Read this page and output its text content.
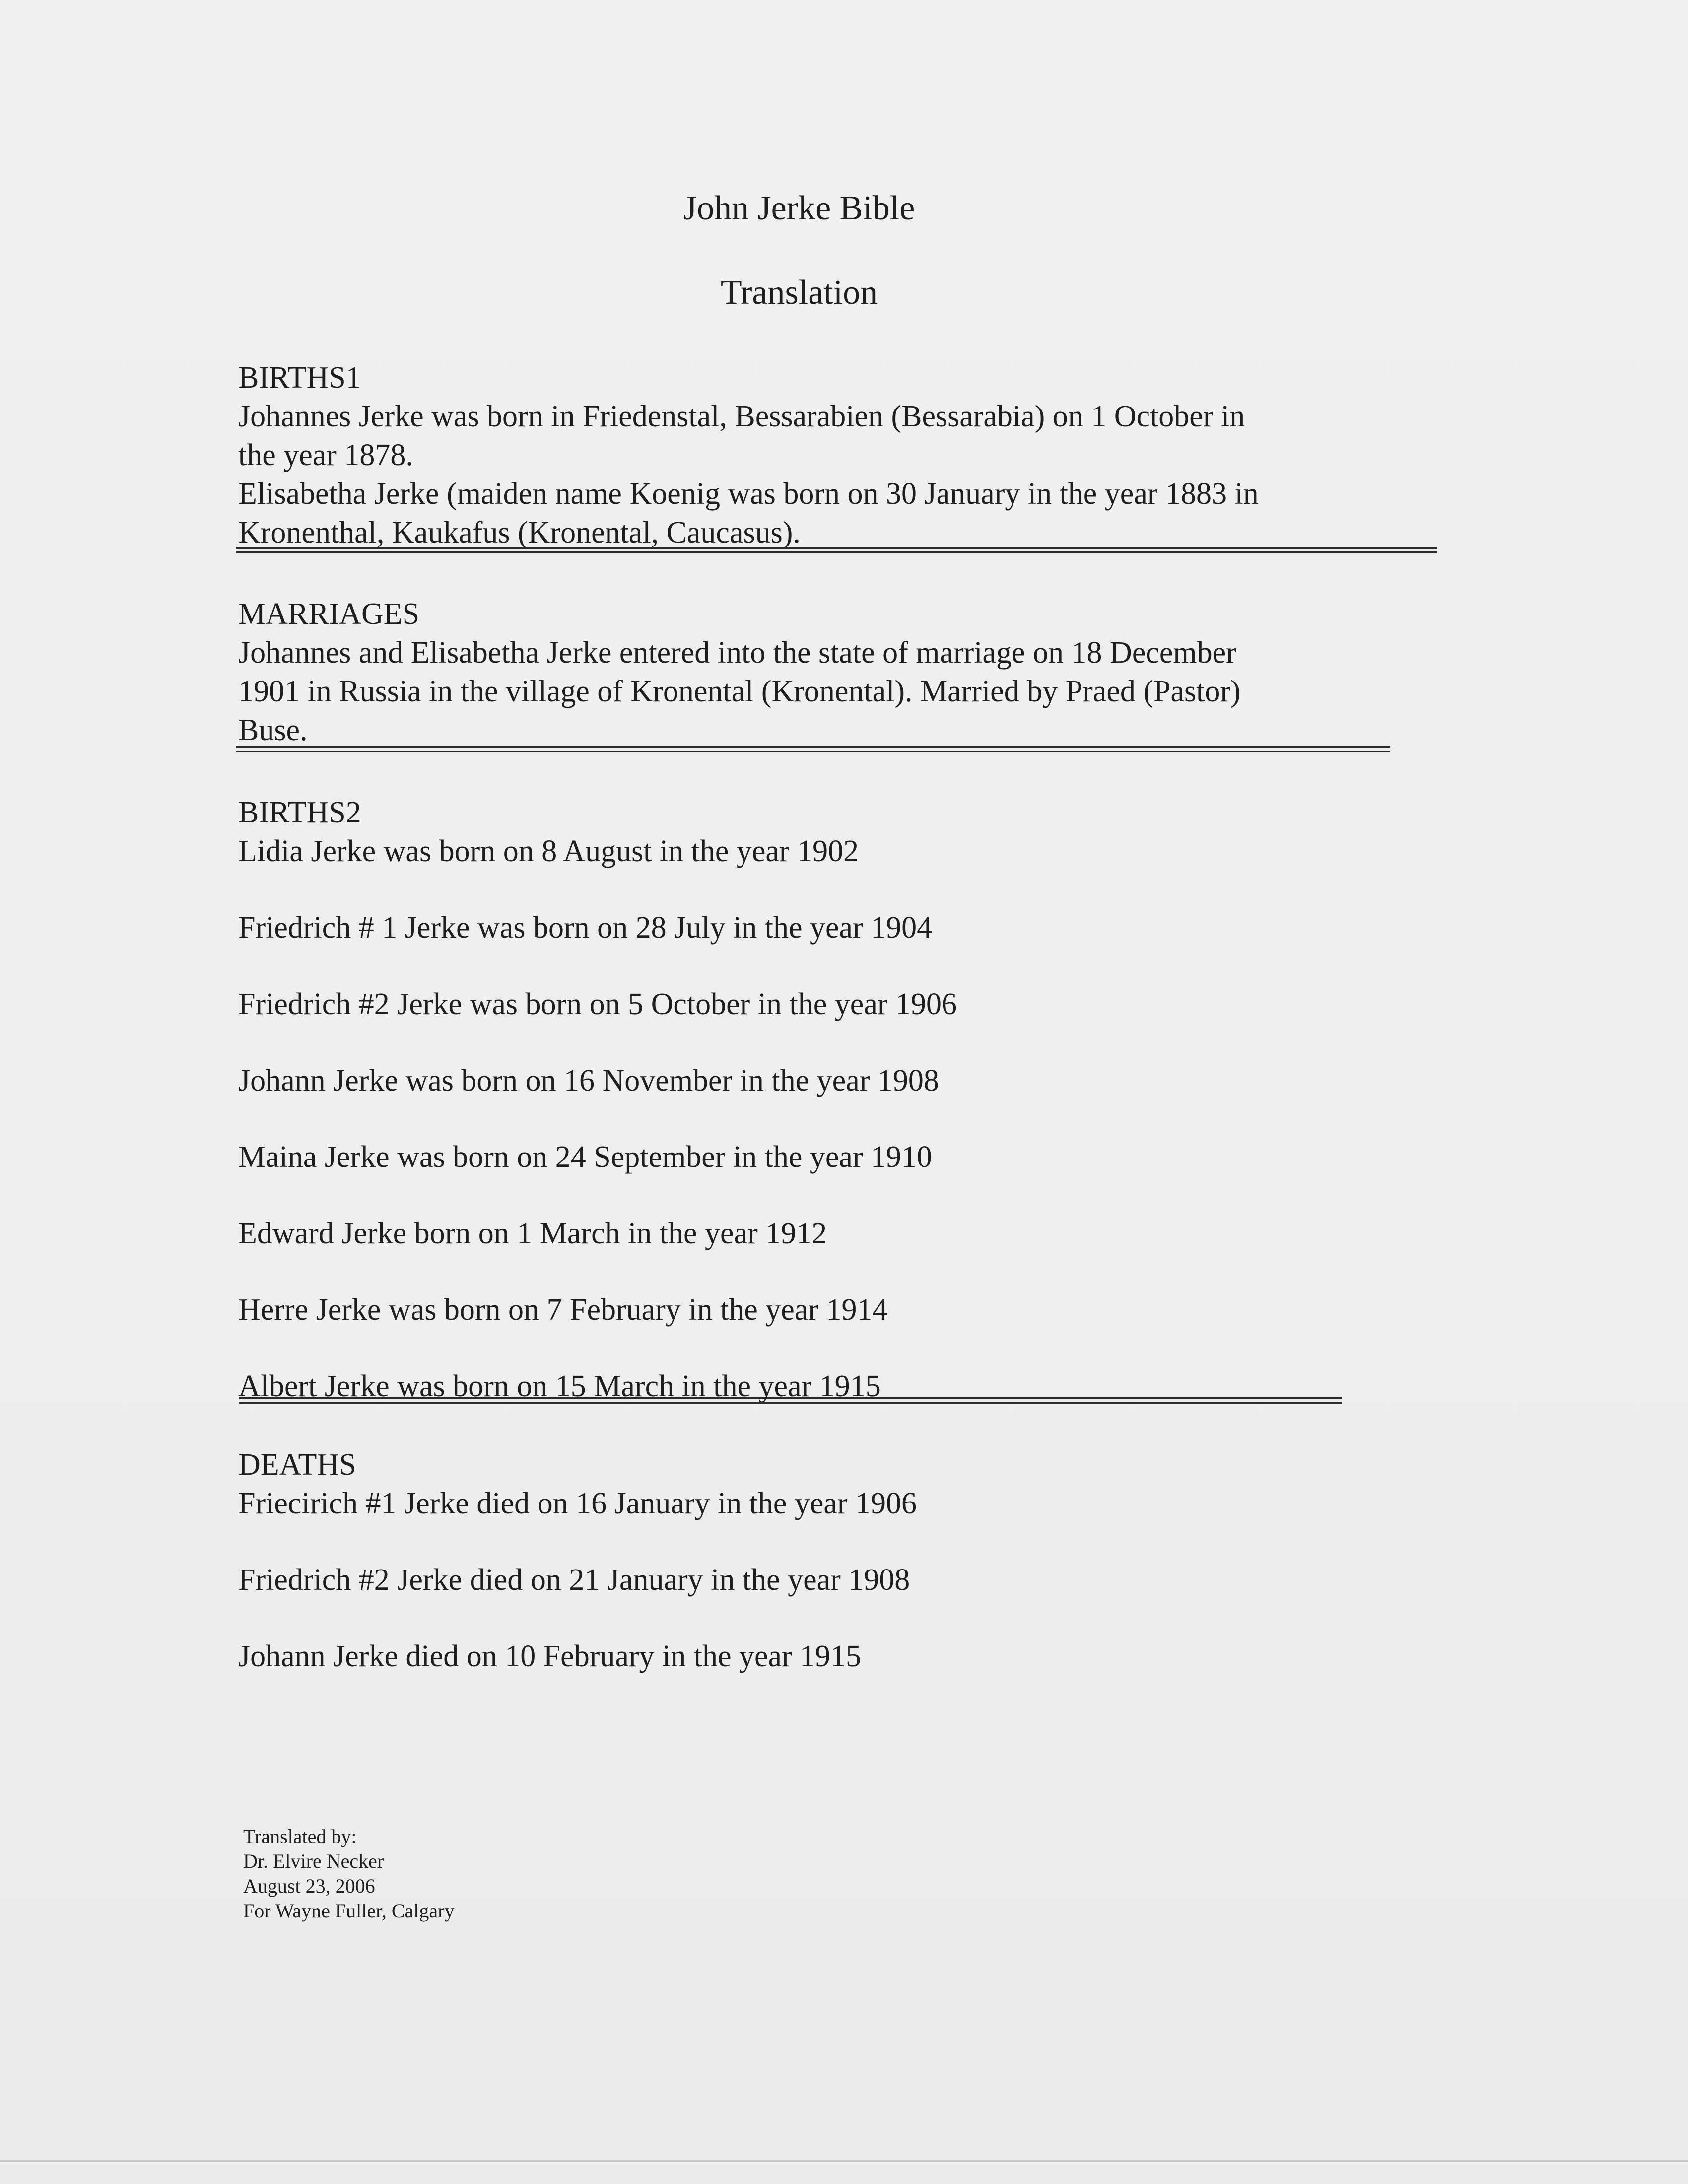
John Jerke Bible
Translation
BIRTHS1
Johannes Jerke was born in Friedenstal, Bessarabien (Bessarabia) on 1 October in
the year 1878.
Elisabetha Jerke (maiden name Koenig was born on 30 January in the year 1883 in
Kronenthal, Kaukafus (Kronental, Caucasus).
MARRIAGES
Johannes and Elisabetha Jerke entered into the state of marriage on 18 December
1901 in Russia in the village of Kronental (Kronental). Married by Praed (Pastor)
Buse.
BIRTHS2
Lidia Jerke was born on 8 August in the year 1902
Friedrich # 1 Jerke was born on 28 July in the year 1904
Friedrich #2 Jerke was born on 5 October in the year 1906
Johann Jerke was born on 16 November in the year 1908
Maina Jerke was born on 24 September in the year 1910
Edward Jerke born on 1 March in the year 1912
Herre Jerke was born on 7 February in the year 1914
Albert Jerke was born on 15 March in the year 1915
DEATHS
Friecirich #1 Jerke died on 16 January in the year 1906
Friedrich #2 Jerke died on 21 January in the year 1908
Johann Jerke died on 10 February in the year 1915
Translated by:
Dr. Elvire Necker
August 23, 2006
For Wayne Fuller, Calgary
